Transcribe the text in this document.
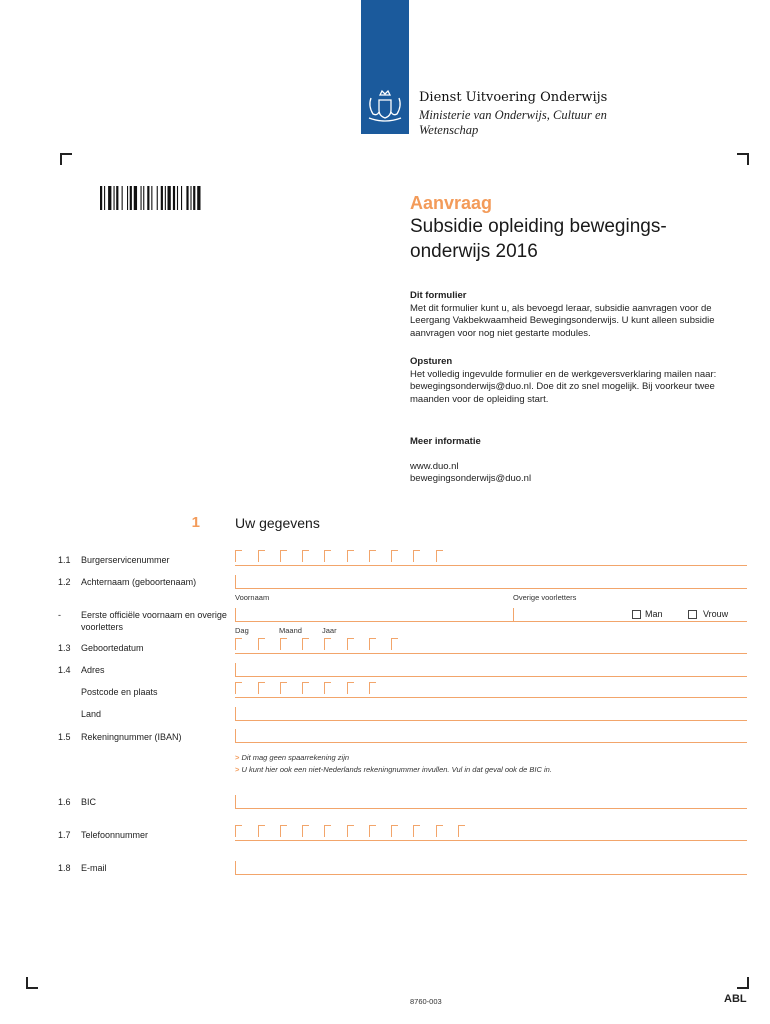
Dienst Uitvoering Onderwijs
Ministerie van Onderwijs, Cultuur en Wetenschap
Aanvraag
Subsidie opleiding bewegings-onderwijs 2016
Dit formulier
Met dit formulier kunt u, als bevoegd leraar, subsidie aanvragen voor de Leergang Vakbekwaamheid Bewegingsonderwijs. U kunt alleen subsidie aanvragen voor nog niet gestarte modules.
Opsturen
Het volledig ingevulde formulier en de werkgeversverklaring mailen naar: bewegingsonderwijs@duo.nl. Doe dit zo snel mogelijk. Bij voorkeur twee maanden voor de opleiding start.

Meer informatie

www.duo.nl
bewegingsonderwijs@duo.nl

1	Uw gegevens
1.1 Burgerservicenummer
1.2 Achternaam (geboortenaam)
Voornaam	Overige voorletters
- Eerste officiële voornaam en overige voorletters
Man	Vrouw
Dag	Maand	Jaar
1.3 Geboortedatum
1.4 Adres
Postcode en plaats
Land
1.5 Rekeningnummer (IBAN)
> Dit mag geen spaarrekening zijn
> U kunt hier ook een niet-Nederlands rekeningnummer invullen. Vul in dat geval ook de BIC in.
1.6 BIC
1.7 Telefoonnummer
1.8 E-mail
8760-003	ABL
